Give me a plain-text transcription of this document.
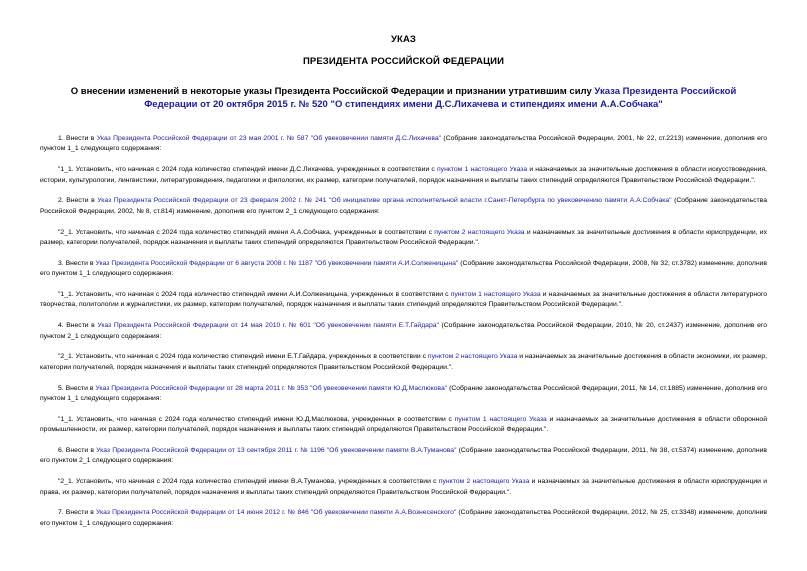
УКАЗ
ПРЕЗИДЕНТА РОССИЙСКОЙ ФЕДЕРАЦИИ
О внесении изменений в некоторые указы Президента Российской Федерации и признании утратившим силу Указа Президента Российской Федерации от 20 октября 2015 г. № 520 "О стипендиях имени Д.С.Лихачева и стипендиях имени А.А.Собчака"

1. Внести в Указ Президента Российской Федерации от 23 мая 2001 г. № 587 "Об увековечении памяти Д.С.Лихачева" (Собрание законодательства Российской Федерации, 2001, № 22, ст.2213) изменение, дополнив его пунктом 1_1 следующего содержания:

"1_1. Установить, что начиная с 2024 года количество стипендий имени Д.С.Лихачева, учрежденных в соответствии с пунктом 1 настоящего Указа и назначаемых за значительные достижения в области искусствоведения, истории, культурологии, лингвистики, литературоведения, педагогики и филологии, их размер, категории получателей, порядок назначения и выплаты таких стипендий определяются Правительством Российской Федерации.".

2. Внести в Указ Президента Российской Федерации от 23 февраля 2002 г. № 241 "Об инициативе органа исполнительной власти г.Санкт-Петербурга по увековечению памяти А.А.Собчака" (Собрание законодательства Российской Федерации, 2002, № 8, ст.814) изменение, дополнив его пунктом 2_1 следующего содержания:

"2_1. Установить, что начиная с 2024 года количество стипендий имени А.А.Собчака, учрежденных в соответствии с пунктом 2 настоящего Указа и назначаемых за значительные достижения в области юриспруденции, их размер, категории получателей, порядок назначения и выплаты таких стипендий определяются Правительством Российской Федерации.".

3. Внести в Указ Президента Российской Федерации от 6 августа 2008 г. № 1187 "Об увековечении памяти А.И.Солженицына" (Собрание законодательства Российской Федерации, 2008, № 32, ст.3782) изменение, дополнив его пунктом 1_1 следующего содержания:

"1_1. Установить, что начиная с 2024 года количество стипендий имени А.И.Солженицына, учрежденных в соответствии с пунктом 1 настоящего Указа и назначаемых за значительные достижения в области литературного творчества, политологии и журналистики, их размер, категории получателей, порядок назначения и выплаты таких стипендий определяются Правительством Российской Федерации.".

4. Внести в Указ Президента Российской Федерации от 14 мая 2010 г. № 601 "Об увековечении памяти Е.Т.Гайдара" (Собрание законодательства Российской Федерации, 2010, № 20, ст.2437) изменение, дополнив его пунктом 2_1 следующего содержания:

"2_1. Установить, что начиная с 2024 года количество стипендий имени Е.Т.Гайдара, учрежденных в соответствии с пунктом 2 настоящего Указа и назначаемых за значительные достижения в области экономики, их размер, категории получателей, порядок назначения и выплаты таких стипендий определяются Правительством Российской Федерации.".

5. Внести в Указ Президента Российской Федерации от 28 марта 2011 г. № 353 "Об увековечении памяти Ю.Д.Маслюкова" (Собрание законодательства Российской Федерации, 2011, № 14, ст.1885) изменение, дополнив его пунктом 1_1 следующего содержания:

"1_1. Установить, что начиная с 2024 года количество стипендий имени Ю.Д.Маслюкова, учрежденных в соответствии с пунктом 1 настоящего Указа и назначаемых за значительные достижения в области оборонной промышленности, их размер, категории получателей, порядок назначения и выплаты таких стипендий определяются Правительством Российской Федерации.".

6. Внести в Указ Президента Российской Федерации от 13 сентября 2011 г. № 1196 "Об увековечении памяти В.А.Туманова" (Собрание законодательства Российской Федерации, 2011, № 38, ст.5374) изменение, дополнив его пунктом 2_1 следующего содержания:

"2_1. Установить, что начиная с 2024 года количество стипендий имени В.А.Туманова, учрежденных в соответствии с пунктом 2 настоящего Указа и назначаемых за значительные достижения в области юриспруденции и права, их размер, категории получателей, порядок назначения и выплаты таких стипендий определяются Правительством Российской Федерации.".

7. Внести в Указ Президента Российской Федерации от 14 июня 2012 г. № 846 "Об увековечении памяти А.А.Вознесенского" (Собрание законодательства Российской Федерации, 2012, № 25, ст.3348) изменение, дополнив его пунктом 1_1 следующего содержания:
